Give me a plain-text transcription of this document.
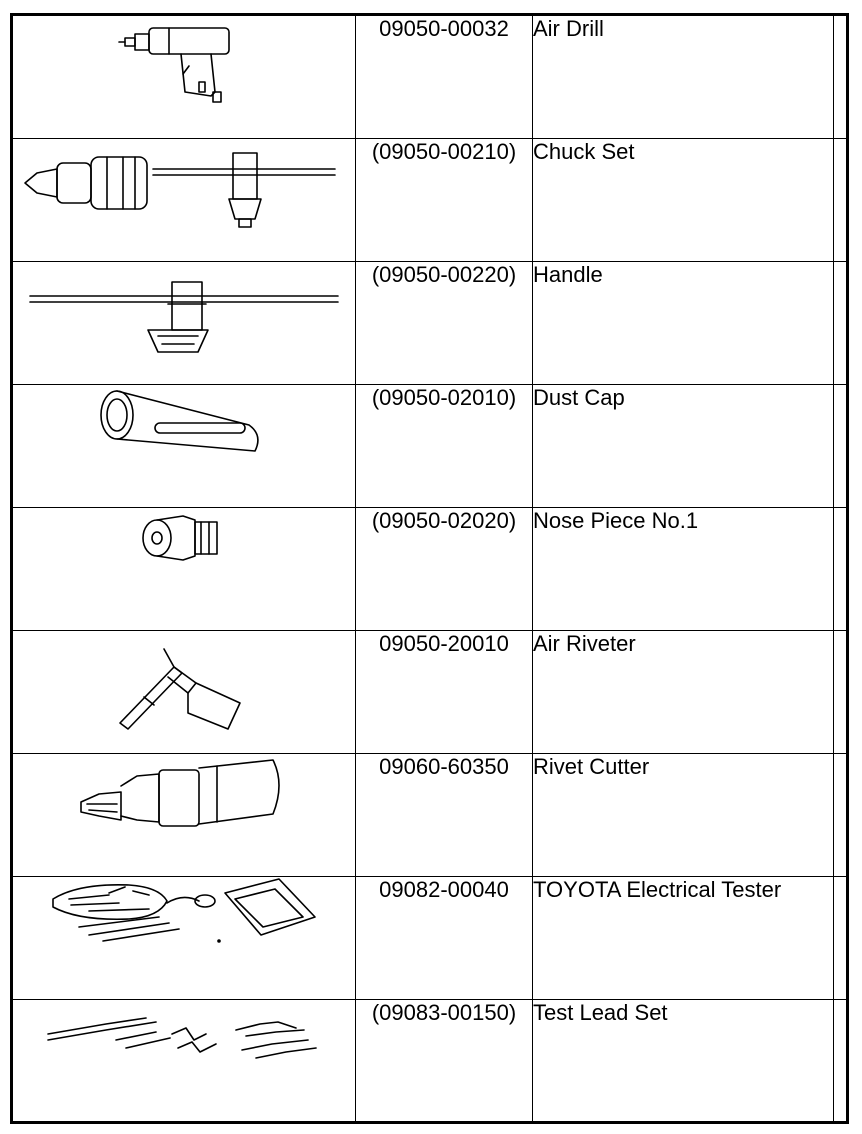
	09050-00032	Air Drill	

	(09050-00210)	Chuck Set	

	(09050-00220)	Handle	

	(09050-02010)	Dust Cap	

	(09050-02020)	Nose Piece No.1	

	09050-20010	Air Riveter	

	09060-60350	Rivet Cutter	

	09082-00040	TOYOTA Electrical Tester	

	(09083-00150)	Test Lead Set	
